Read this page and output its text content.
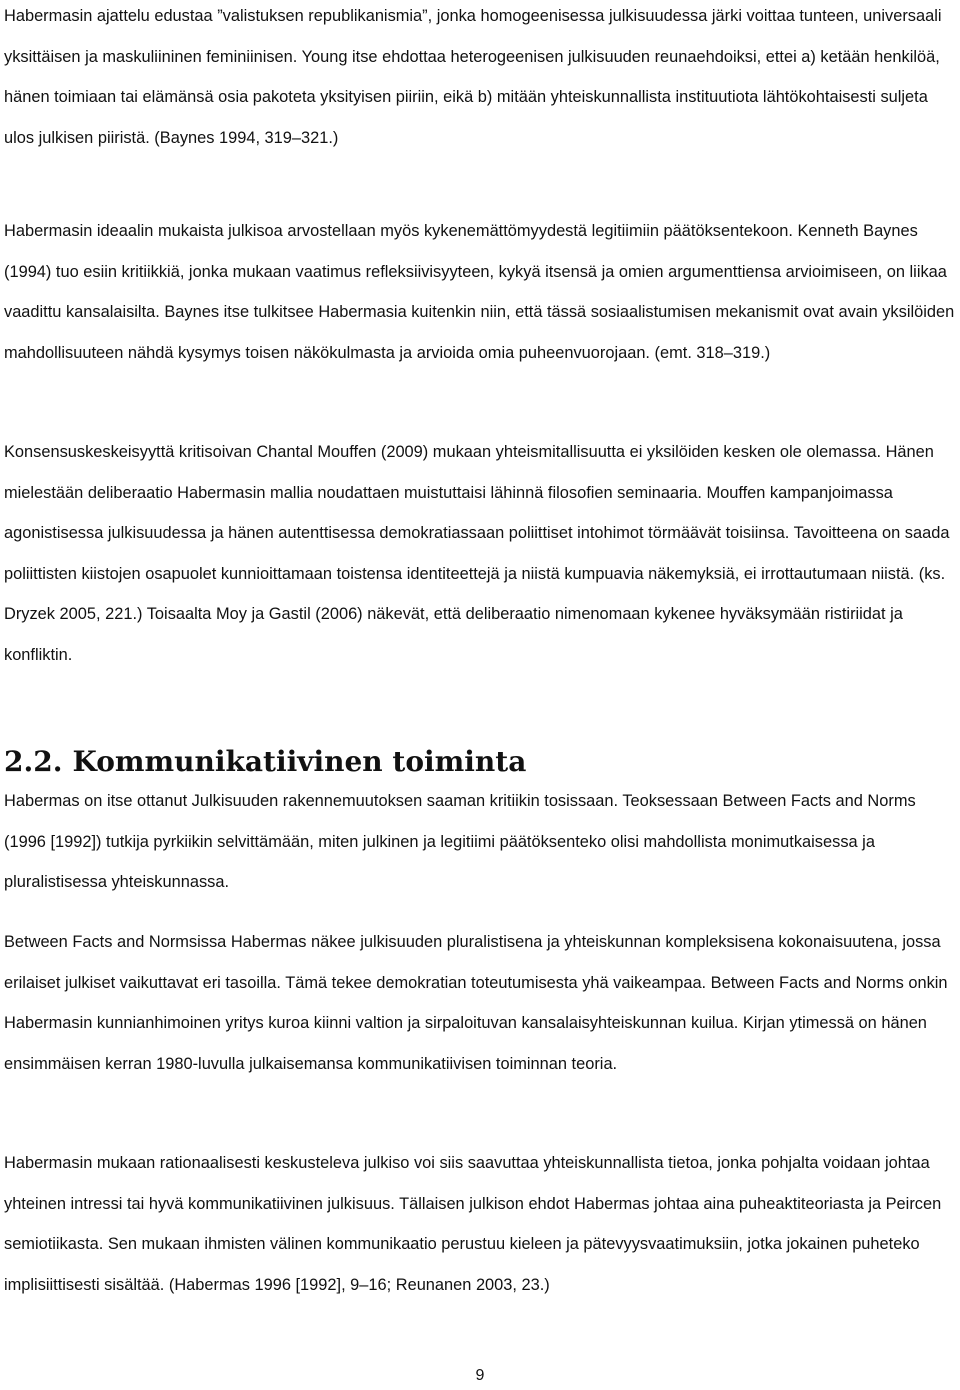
Habermasin ajattelu edustaa ”valistuksen republikanismia”, jonka homogeenisessa julkisuudessa järki voittaa tunteen, universaali yksittäisen ja maskuliininen feminiinisen. Young itse ehdottaa heterogeenisen julkisuuden reunaehdoiksi, ettei a) ketään henkilöä, hänen toimiaan tai elämänsä osia pakoteta yksityisen piiriin, eikä b) mitään yhteiskunnallista instituutiota lähtökohtaisesti suljeta ulos julkisen piiristä. (Baynes 1994, 319–321.)

Habermasin ideaalin mukaista julkisoa arvostellaan myös kykenemättömyydestä legitiimiin päätöksentekoon. Kenneth Baynes (1994) tuo esiin kritiikkiä, jonka mukaan vaatimus refleksiivisyyteen, kykyä itsensä ja omien argumenttiensa arvioimiseen, on liikaa vaadittu kansalaisilta. Baynes itse tulkitsee Habermasia kuitenkin niin, että tässä sosiaalistumisen mekanismit ovat avain yksilöiden mahdollisuuteen nähdä kysymys toisen näkökulmasta ja arvioida omia puheenvuorojaan. (emt. 318–319.)

Konsensuskeskeisyyttä kritisoivan Chantal Mouffen (2009) mukaan yhteismitallisuutta ei yksilöiden kesken ole olemassa. Hänen mielestään deliberaatio Habermasin mallia noudattaen muistuttaisi lähinnä filosofien seminaaria. Mouffen kampanjoimassa agonistisessa julkisuudessa ja hänen autenttisessa demokratiassaan poliittiset intohimot törmäävät toisiinsa. Tavoitteena on saada poliittisten kiistojen osapuolet kunnioittamaan toistensa identiteettejä ja niistä kumpuavia näkemyksiä, ei irrottautumaan niistä. (ks. Dryzek 2005, 221.) Toisaalta Moy ja Gastil (2006) näkevät, että deliberaatio nimenomaan kykenee hyväksymään ristiriidat ja konfliktin.

2.2. Kommunikatiivinen toiminta

Habermas on itse ottanut Julkisuuden rakennemuutoksen saaman kritiikin tosissaan. Teoksessaan Between Facts and Norms (1996 [1992]) tutkija pyrkiikin selvittämään, miten julkinen ja legitiimi päätöksenteko olisi mahdollista monimutkaisessa ja pluralistisessa yhteiskunnassa.

Between Facts and Normsissa Habermas näkee julkisuuden pluralistisena ja yhteiskunnan kompleksisena kokonaisuutena, jossa erilaiset julkiset vaikuttavat eri tasoilla. Tämä tekee demokratian toteutumisesta yhä vaikeampaa. Between Facts and Norms onkin Habermasin kunnianhimoinen yritys kuroa kiinni valtion ja sirpaloituvan kansalaisyhteiskunnan kuilua. Kirjan ytimessä on hänen ensimmäisen kerran 1980-luvulla julkaisemansa kommunikatiivisen toiminnan teoria.

Habermasin mukaan rationaalisesti keskusteleva julkiso voi siis saavuttaa yhteiskunnallista tietoa, jonka pohjalta voidaan johtaa yhteinen intressi tai hyvä kommunikatiivinen julkisuus. Tällaisen julkison ehdot Habermas johtaa aina puheaktiteoriasta ja Peircen semiotiikasta. Sen mukaan ihmisten välinen kommunikaatio perustuu kieleen ja pätevyysvaatimuksiin, jotka jokainen puheteko implisiittisesti sisältää. (Habermas 1996 [1992], 9–16; Reunanen 2003, 23.)

9
